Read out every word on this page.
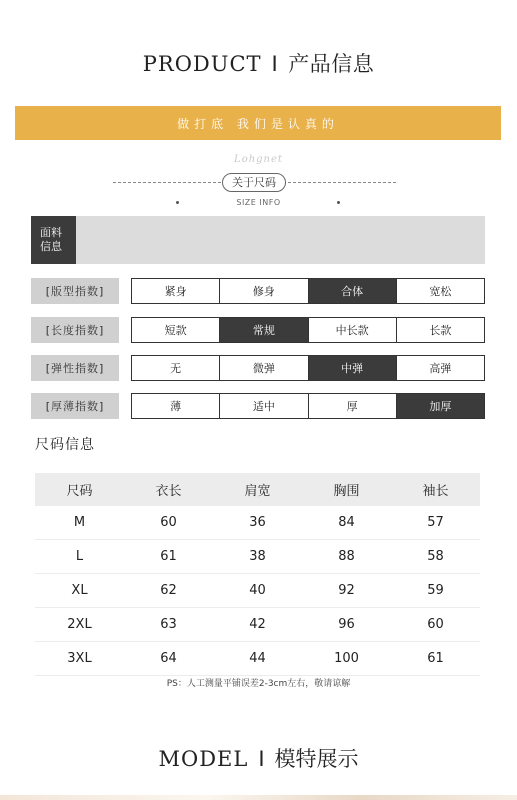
PRODUCT I 产品信息
做打底 我们是认真的
Lohgnet
关于尺码
SIZE INFO
面料
信息
[版型指数]	紧身	修身	合体	宽松
[长度指数]	短款	常规	中长款	长款
[弹性指数]	无	微弹	中弹	高弹
[厚薄指数]	薄	适中	厚	加厚
尺码信息
尺码	衣长	肩宽	胸围	袖长
M	60	36	84	57
L	61	38	88	58
XL	62	40	92	59
2XL	63	42	96	60
3XL	64	44	100	61
PS：人工测量平铺误差2-3cm左右，敬请谅解
MODEL I 模特展示
